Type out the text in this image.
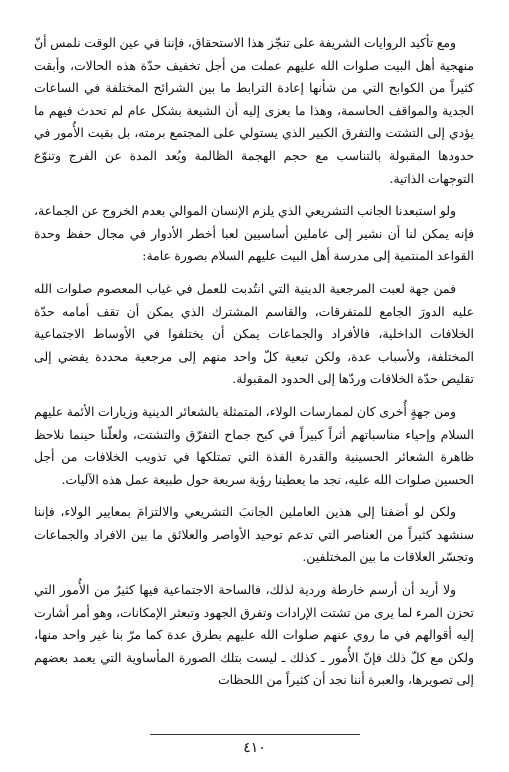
ومع تأكيد الروايات الشريفة على تنجّز هذا الاستحقاق، فإننا في عين الوقت نلمس أنّ منهجية أهل البيت صلوات الله عليهم عملت من أجل تخفيف حدّة هذه الحالات، وأبقت كثيراً من الكوابح التي من شأنها إعادة الترابط ما بين الشرائح المختلفة في الساعات الجدية والمواقف الحاسمة، وهذا ما يعزى إليه أن الشيعة بشكل عام لم تحدث فيهم ما يؤدي إلى التشتت والتفرق الكبير الذي يستولي على المجتمع برمته، بل بقيت الأُمور في حدودها المقبولة بالتناسب مع حجم الهجمة الظالمة وبُعد المدة عن الفرج وتنوّع التوجهات الذاتية.

ولو استبعدنا الجانب التشريعي الذي يلزم الإنسان الموالي بعدم الخروج عن الجماعة، فإنه يمكن لنا أن نشير إلى عاملين أساسيين لعبا أخطر الأدوار في مجال حفظ وحدة القواعد المنتمية إلى مدرسة أهل البيت عليهم السلام بصورة عامة:

فمن جهة لعبت المرجعية الدينية التي انتُدبت للعمل في غياب المعصوم صلوات الله عليه الدورَ الجامع للمتفرقات، والقاسم المشترك الذي يمكن أن تقف أمامه حدّة الخلافات الداخلية، فالأفراد والجماعات يمكن أن يختلفوا في الأوساط الاجتماعية المختلفة، ولأسباب عدة، ولكن تبعية كلّ واحد منهم إلى مرجعية محددة يفضي إلى تقليص حدّة الخلافات وردّها إلى الحدود المقبولة.

ومن جهةٍ أُخرى كان لممارسات الولاء، المتمثلة بالشعائر الدينية وزيارات الأئمة عليهم السلام وإحياء مناسباتهم أثراً كبيراً في كبح جماح التفرّق والتشتت، ولعلّنا حينما نلاحظ ظاهرة الشعائر الحسينية والقدرة الفذة التي تمتلكها في تذويب الخلافات من أجل الحسين صلوات الله عليه، نجد ما يعطينا رؤية سريعة حول طبيعة عمل هذه الآليات.

ولكن لو أضفنا إلى هذين العاملين الجانبَ التشريعي والالتزامَ بمعايير الولاء، فإننا سنشهد كثيراً من العناصر التي تدعم توحيد الأواصر والعلائق ما بين الافراد والجماعات وتجسّر العلاقات ما بين المختلفين.

ولا أريد أن أرسم خارطة وردية لذلك، فالساحة الاجتماعية فيها كثيرٌ من الأُمور التي تحزن المرء لما يرى من تشتت الإرادات وتفرق الجهود وتبعثر الإمكانات، وهو أمر أشارت إليه أقوالهم في ما روي عنهم صلوات الله عليهم بطرق عدة كما مرّ بنا غير واحد منها، ولكن مع كلّ ذلك فإنّ الأُمور ـ كذلك ـ ليست بتلك الصورة المأساوية التي يعمد بعضهم إلى تصويرها، والعبرة أننا نجد أن كثيراً من اللحظات

٤١٠
